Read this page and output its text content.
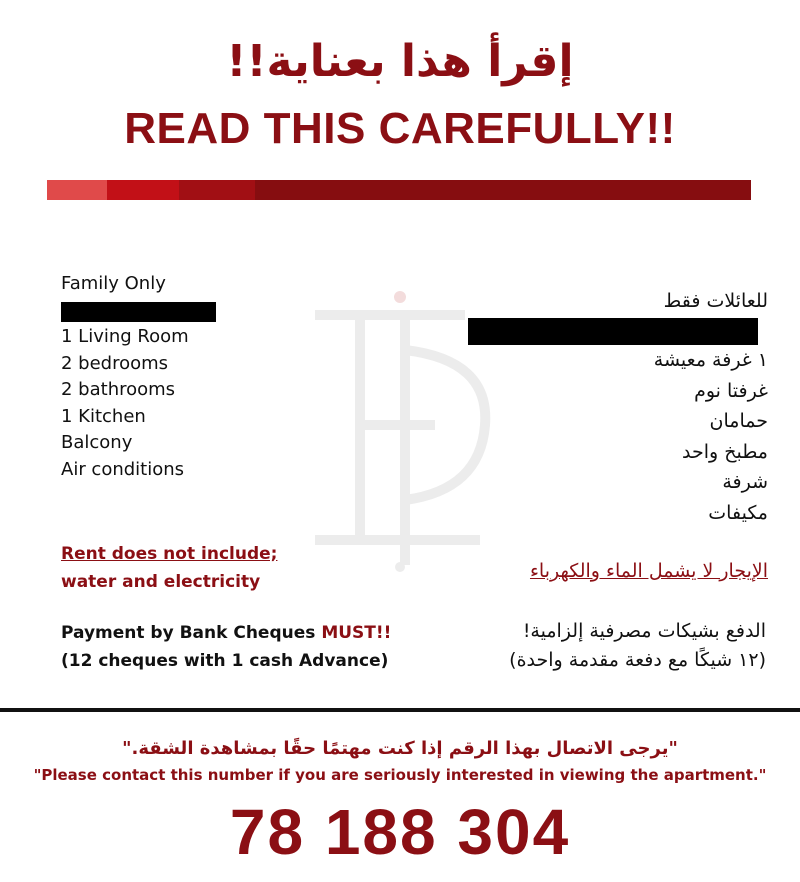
إقرأ هذا بعناية!!
READ THIS CAREFULLY!!
Family Only
1 Living Room
2 bedrooms
2 bathrooms
1 Kitchen
Balcony
Air conditions
للعائلات فقط
١ غرفة معيشة
غرفتا نوم
حمامان
مطبخ واحد
شرفة
مكيفات
Rent does not include;
water and electricity	الإيجار لا يشمل الماء والكهرباء
Payment by Bank Cheques MUST!!
(12 cheques with 1 cash Advance)
الدفع بشيكات مصرفية إلزامية!
(١٢ شيكًا مع دفعة مقدمة واحدة)
"يرجى الاتصال بهذا الرقم إذا كنت مهتمًا حقًا بمشاهدة الشقة."
"Please contact this number if you are seriously interested in viewing the apartment."
78 188 304
